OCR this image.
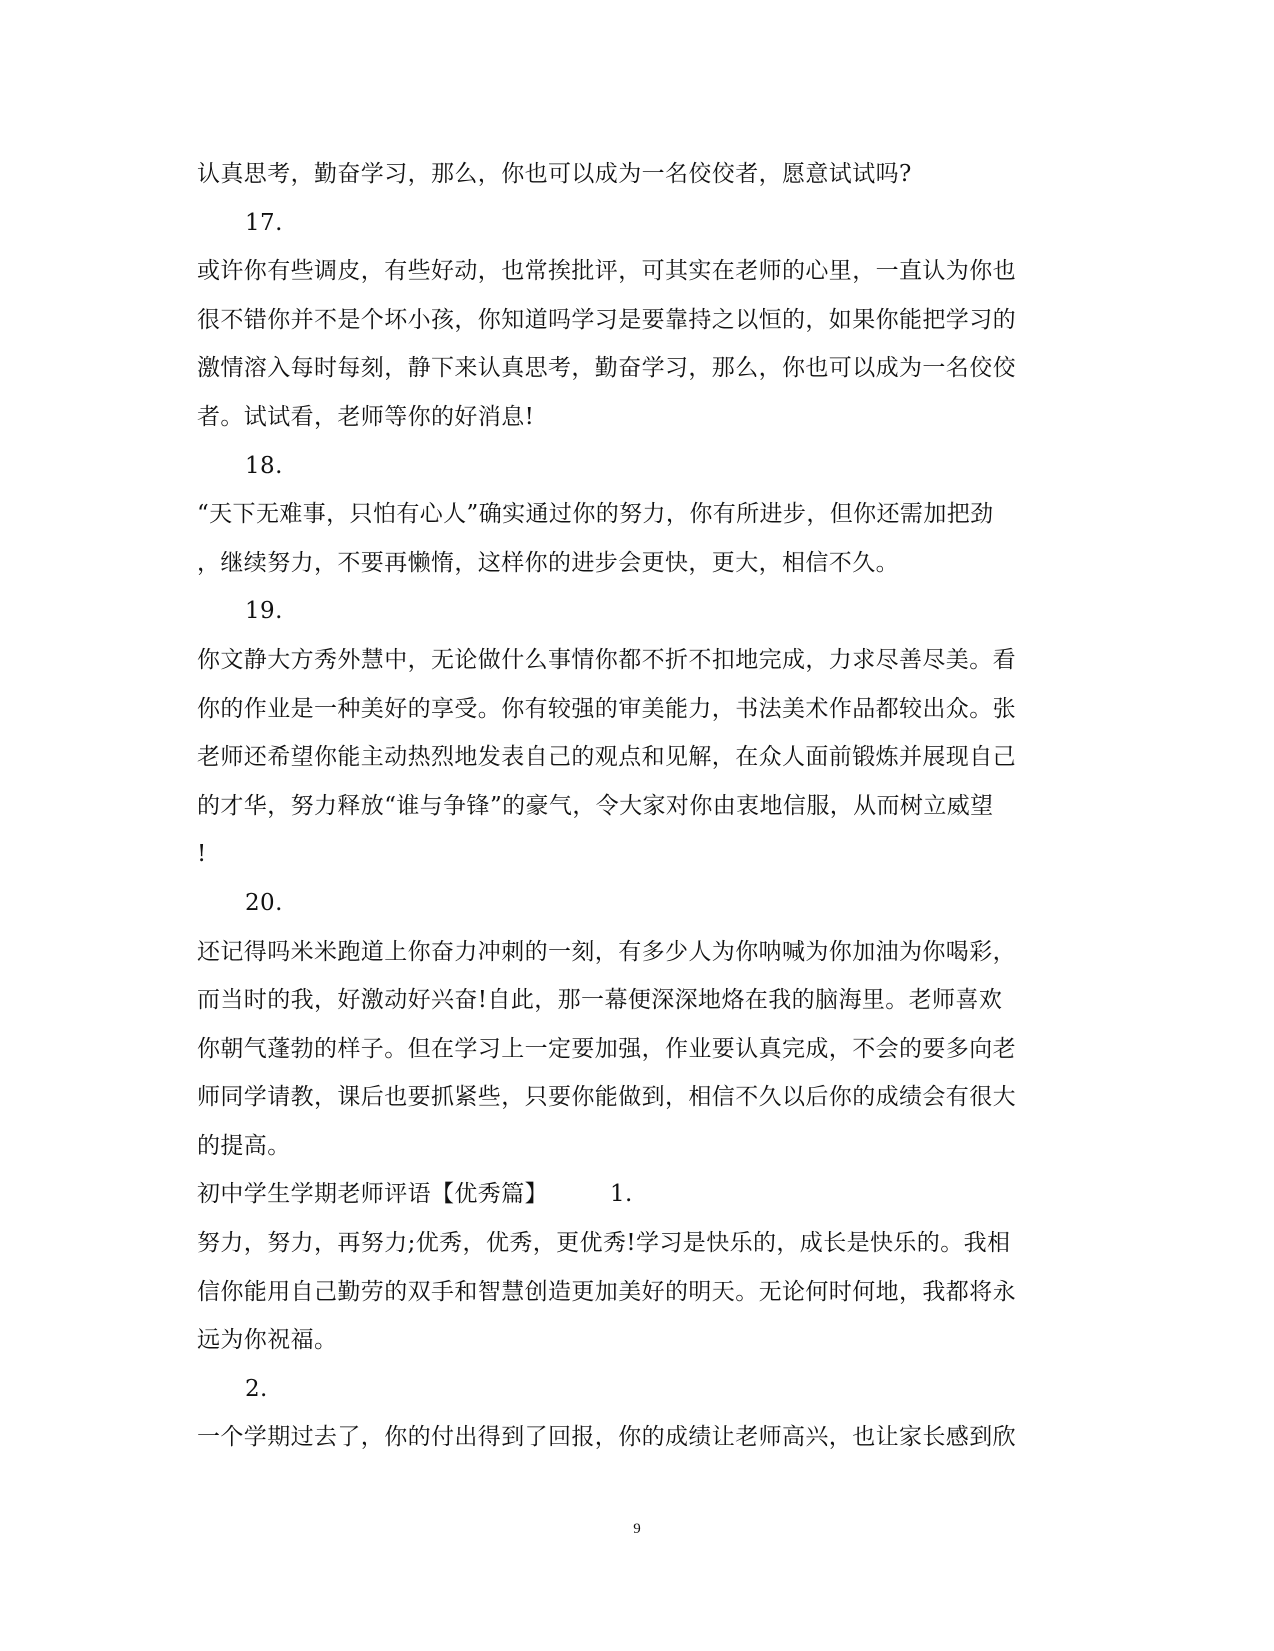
认真思考，勤奋学习，那么，你也可以成为一名佼佼者，愿意试试吗?
17.
或许你有些调皮，有些好动，也常挨批评，可其实在老师的心里，一直认为你也
很不错你并不是个坏小孩，你知道吗学习是要靠持之以恒的，如果你能把学习的
激情溶入每时每刻，静下来认真思考，勤奋学习，那么，你也可以成为一名佼佼
者。试试看，老师等你的好消息!
18.
“天下无难事，只怕有心人”确实通过你的努力，你有所进步，但你还需加把劲
，继续努力，不要再懒惰，这样你的进步会更快，更大，相信不久。
19.
你文静大方秀外慧中，无论做什么事情你都不折不扣地完成，力求尽善尽美。看
你的作业是一种美好的享受。你有较强的审美能力，书法美术作品都较出众。张
老师还希望你能主动热烈地发表自己的观点和见解，在众人面前锻炼并展现自己
的才华，努力释放“谁与争锋”的豪气，令大家对你由衷地信服，从而树立威望
!
20.
还记得吗米米跑道上你奋力冲刺的一刻，有多少人为你呐喊为你加油为你喝彩，
而当时的我，好激动好兴奋!自此，那一幕便深深地烙在我的脑海里。老师喜欢
你朝气蓬勃的样子。但在学习上一定要加强，作业要认真完成，不会的要多向老
师同学请教，课后也要抓紧些，只要你能做到，相信不久以后你的成绩会有很大
的提高。
初中学生学期老师评语【优秀篇】	1.
努力，努力，再努力;优秀，优秀，更优秀!学习是快乐的，成长是快乐的。我相
信你能用自己勤劳的双手和智慧创造更加美好的明天。无论何时何地，我都将永
远为你祝福。
2.
一个学期过去了，你的付出得到了回报，你的成绩让老师高兴，也让家长感到欣
9
